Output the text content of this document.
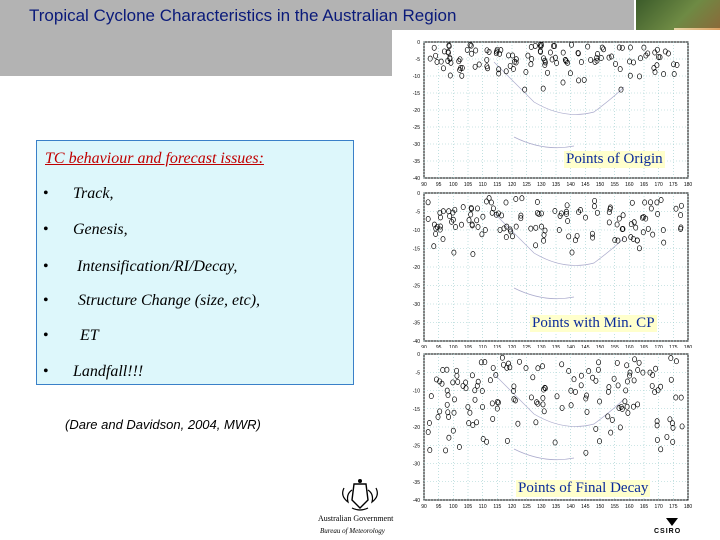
Tropical Cyclone Characteristics in the Australian Region
TC behaviour and forecast issues:
• Track,
• Genesis,
• Intensification/RI/Decay,
• Structure Change (size, etc),
• ET
• Landfall!!!
(Dare and Davidson, 2004, MWR)
90 95 100 105 110 115 120 125 130 135 140 145 150 155 160 165 170 175 180
0
-5
-10
-15
-20
-25
-30
-35
-40
Points of Origin
90 95 100 105 110 115 120 125 130 135 140 145 150 155 160 165 170 175 180
0
-5
-10
-15
-20
-25
-30
-35
-40
Points with Min. CP
90 95 100 105 110 115 120 125 130 135 140 145 150 155 160 165 170 175 180
0
-5
-10
-15
-20
-25
-30
-35
-40
Points of Final Decay
Australian Government
Bureau of Meteorology	CSIRO
